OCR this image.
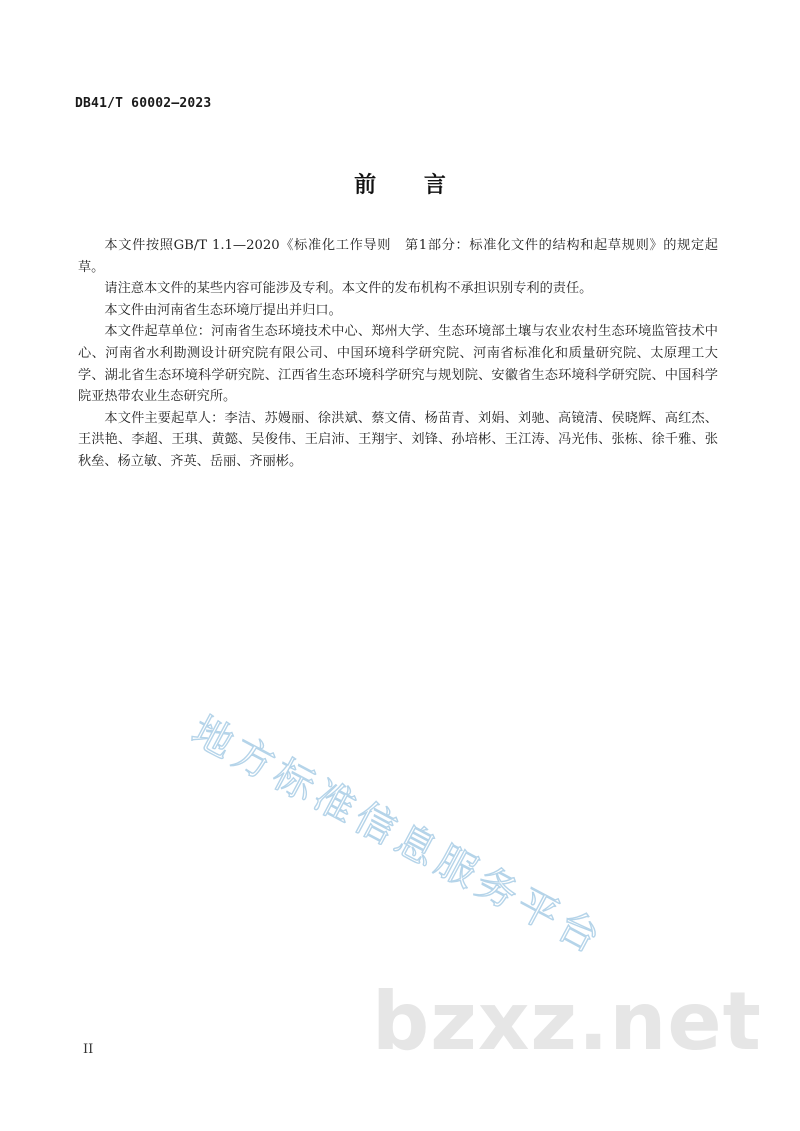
DB41/T 60002—2023
前 言

本文件按照GB/T 1.1—2020《标准化工作导则　第1部分：标准化文件的结构和起草规则》的规定起草。

请注意本文件的某些内容可能涉及专利。本文件的发布机构不承担识别专利的责任。

本文件由河南省生态环境厅提出并归口。

本文件起草单位：河南省生态环境技术中心、郑州大学、生态环境部土壤与农业农村生态环境监管技术中心、河南省水利勘测设计研究院有限公司、中国环境科学研究院、河南省标准化和质量研究院、太原理工大学、湖北省生态环境科学研究院、江西省生态环境科学研究与规划院、安徽省生态环境科学研究院、中国科学院亚热带农业生态研究所。

本文件主要起草人：李洁、苏嫚丽、徐洪斌、蔡文倩、杨苗青、刘娟、刘驰、高镜清、侯晓辉、高红杰、王洪艳、李超、王琪、黄懿、吴俊伟、王启沛、王翔宇、刘锋、孙培彬、王江涛、冯光伟、张栋、徐千雅、张秋垒、杨立敏、齐英、岳丽、齐丽彬。

地方标准信息服务平台
bzxz.net
II
